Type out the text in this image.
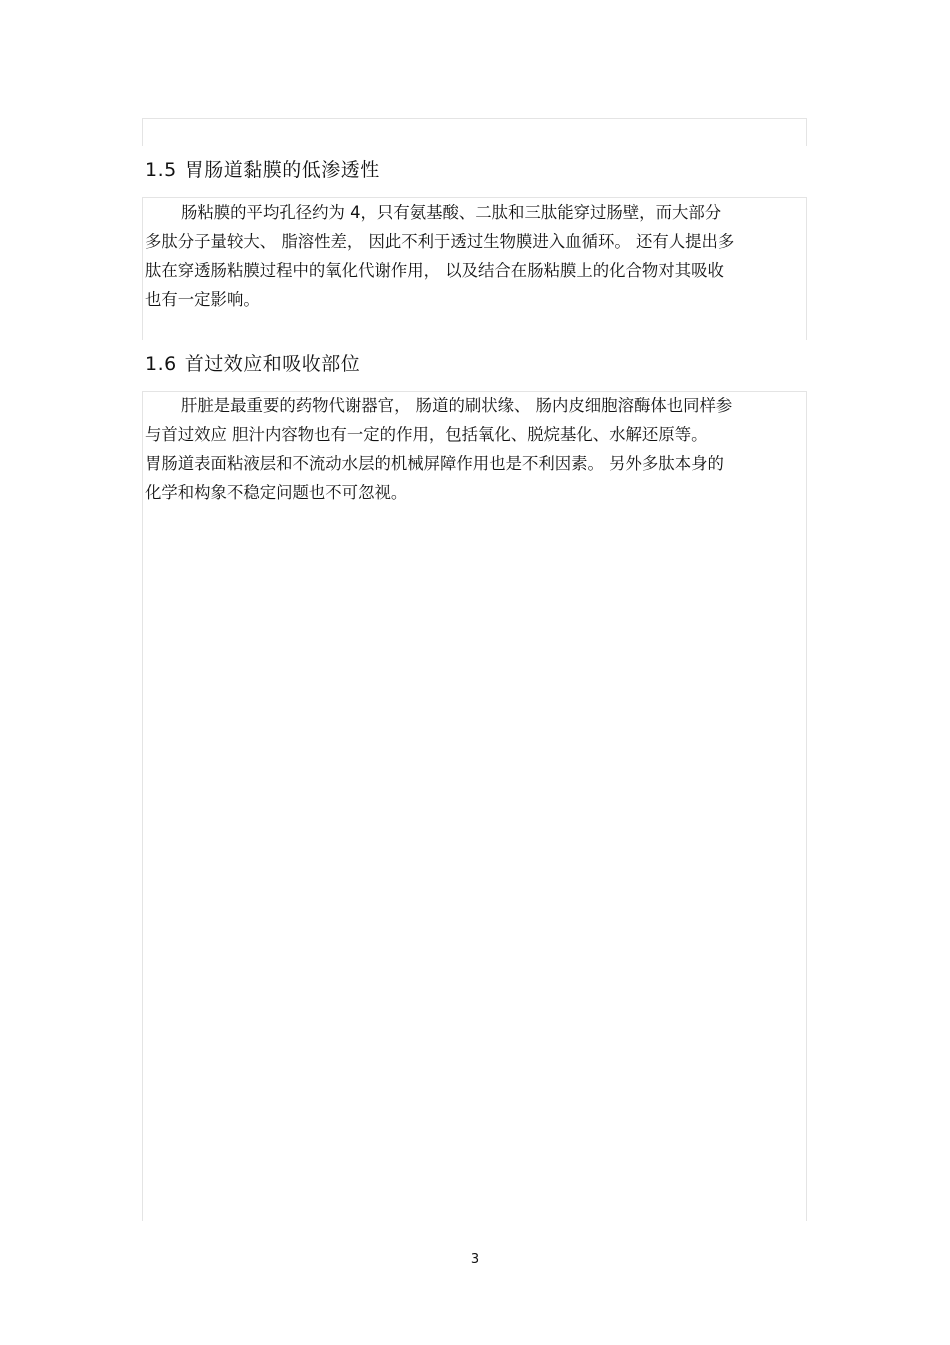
1.5 胃肠道黏膜的低渗透性

肠粘膜的平均孔径约为 4，只有氨基酸、二肽和三肽能穿过肠壁，而大部分
多肽分子量较大、 脂溶性差， 因此不利于透过生物膜进入血循环。 还有人提出多
肽在穿透肠粘膜过程中的氧化代谢作用， 以及结合在肠粘膜上的化合物对其吸收
也有一定影响。

1.6 首过效应和吸收部位

肝脏是最重要的药物代谢器官， 肠道的刷状缘、 肠内皮细胞溶酶体也同样参
与首过效应 胆汁内容物也有一定的作用，包括氧化、脱烷基化、水解还原等。
胃肠道表面粘液层和不流动水层的机械屏障作用也是不利因素。 另外多肽本身的
化学和构象不稳定问题也不可忽视。

3
